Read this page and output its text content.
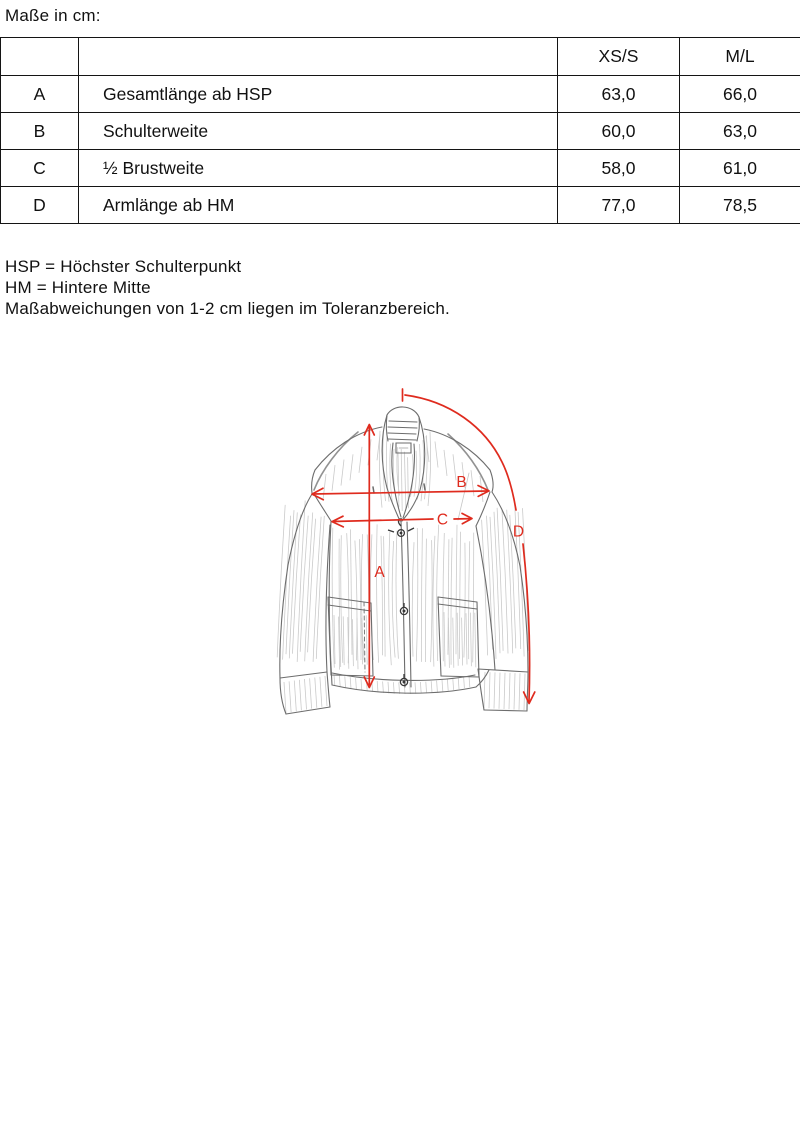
Maße in cm:
		XS/S	M/L
A	Gesamtlänge ab HSP	63,0	66,0
B	Schulterweite	60,0	63,0
C	½ Brustweite	58,0	61,0
D	Armlänge ab HM	77,0	78,5
HSP = Höchster Schulterpunkt
HM = Hintere Mitte
Maßabweichungen von 1-2 cm liegen im Toleranzbereich.
A
B
C
D
